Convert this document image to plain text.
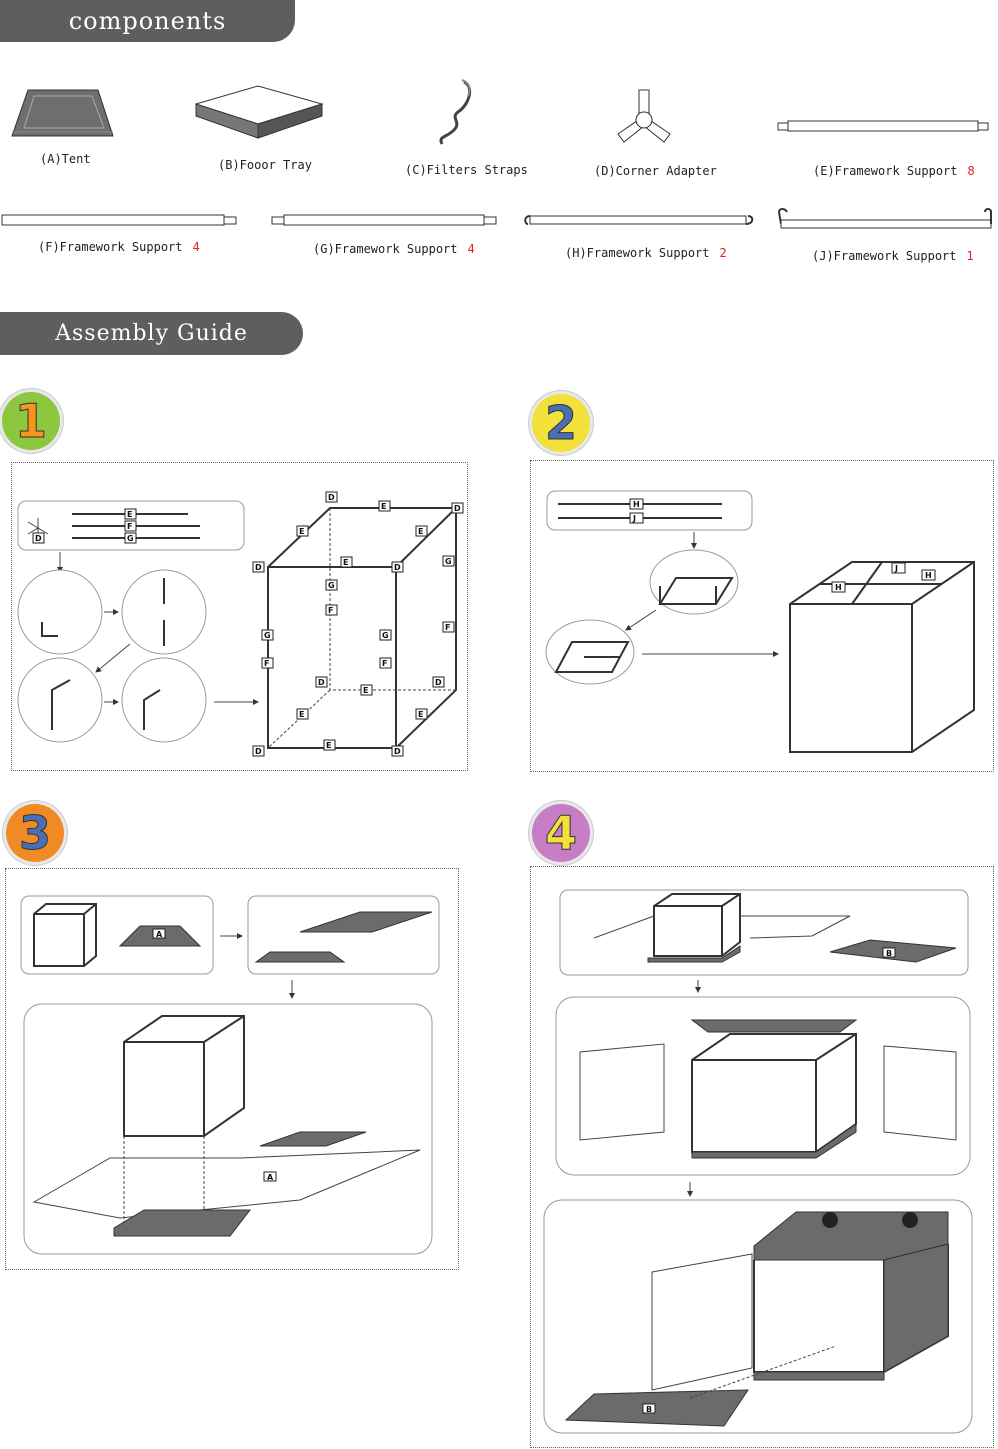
components
Assembly Guide
(A)Tent	(B)Fooor Tray	(C)Filters Straps	(D)Corner Adapter	(E)Framework Support 8
(F)Framework Support 4	(G)Framework Support 4	(H)Framework Support 2	(J)Framework Support 1
1	2
3	4
D
E	D
E	E
D
E
D
G
G
F
F
G	G
F	F
D
E
D
E	E
E
D	D
D
E
F
G
H
J
H
J
H
A
A
B
B
